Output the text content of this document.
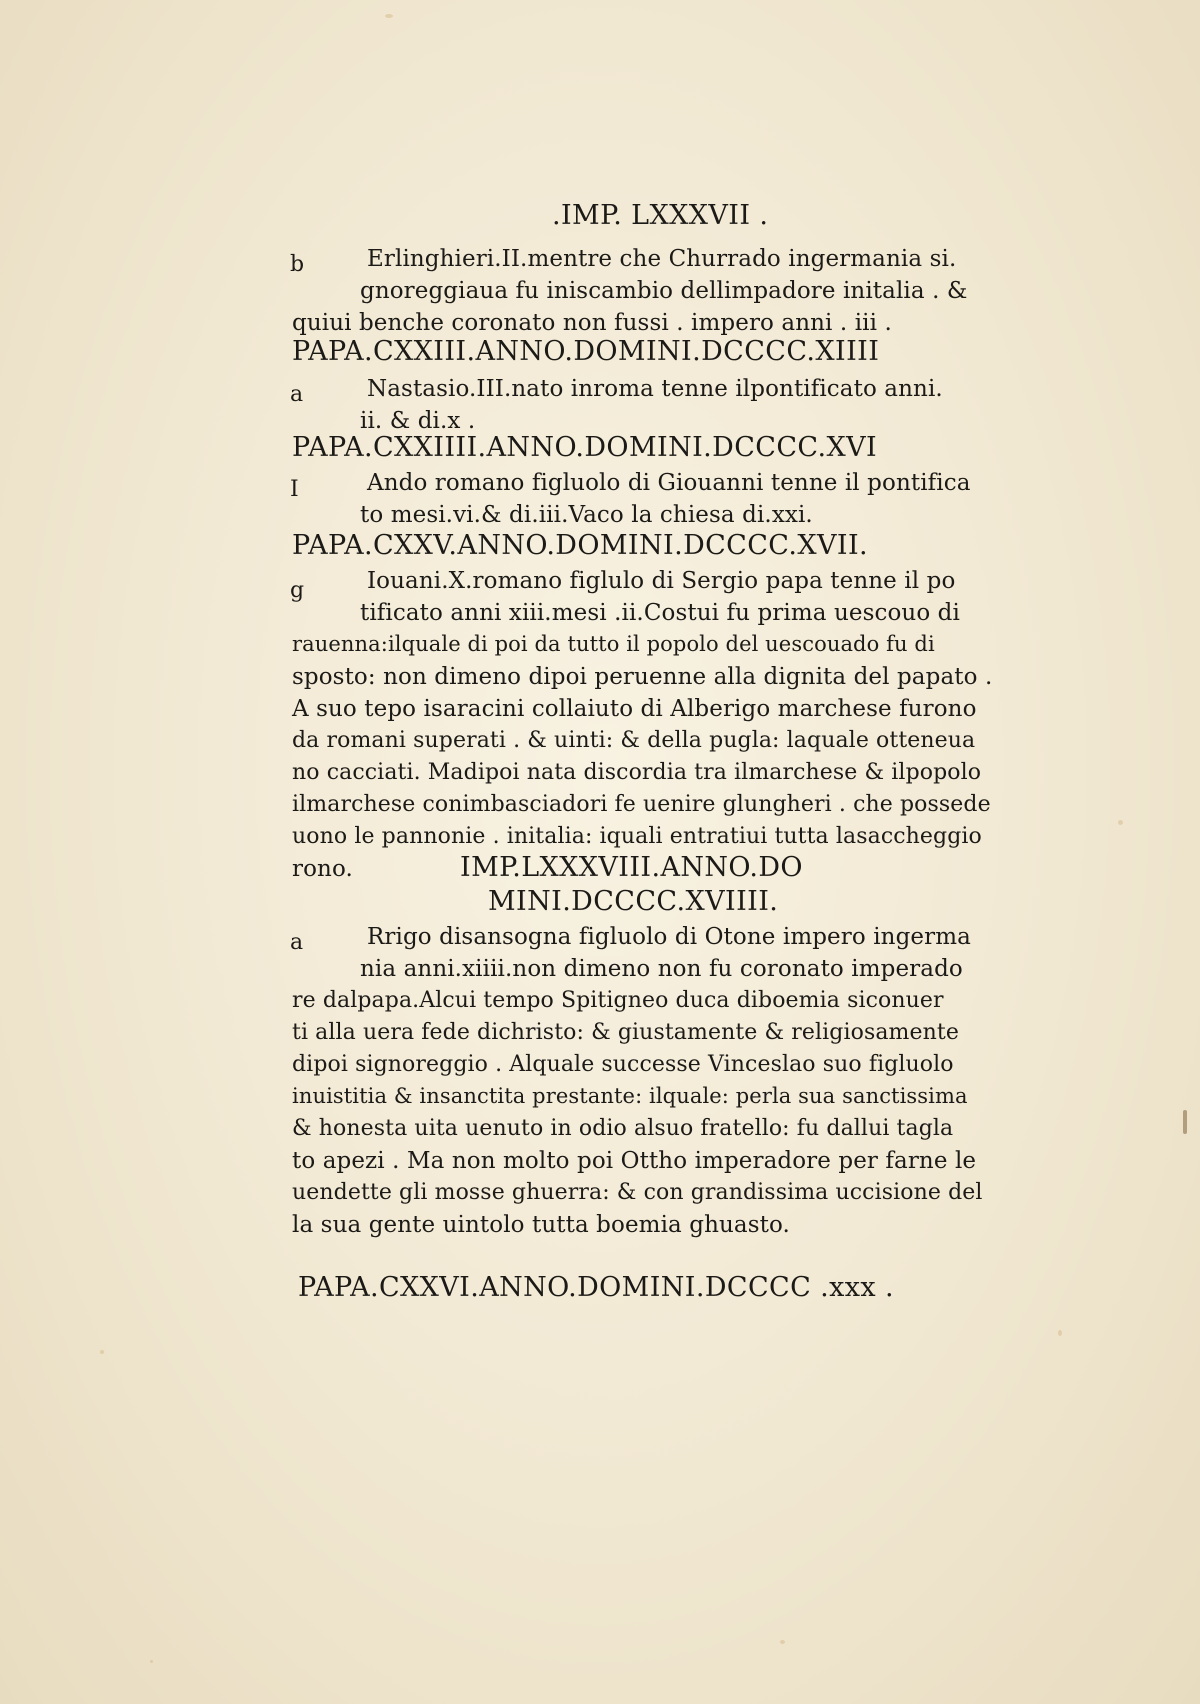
b
a
I
g
a
.IMP. LXXXVII .
Erlinghieri.II.mentre che Churrado ingermania si.
gnoreggiaua fu iniscambio dellimpadore initalia . &
quiui benche coronato non fussi . impero anni . iii .
PAPA.CXXIII.ANNO.DOMINI.DCCCC.XIIII
Nastasio.III.nato inroma tenne ilpontificato anni.
ii. & di.x .
PAPA.CXXIIII.ANNO.DOMINI.DCCCC.XVI
Ando romano figluolo di Giouanni tenne il pontifica
to mesi.vi.& di.iii.Vaco la chiesa di.xxi.
PAPA.CXXV.ANNO.DOMINI.DCCCC.XVII.
Iouani.X.romano figlulo di Sergio papa tenne il po
tificato anni xiii.mesi .ii.Costui fu prima uescouo di
rauenna:ilquale di poi da tutto il popolo del uescouado fu di
sposto: non dimeno dipoi peruenne alla dignita del papato .
A suo tepo isaracini collaiuto di Alberigo marchese furono
da romani superati . & uinti: & della pugla: laquale otteneua
no cacciati. Madipoi nata discordia tra ilmarchese & ilpopolo
ilmarchese conimbasciadori fe uenire glungheri . che possede
uono le pannonie . initalia: iquali entratiui tutta lasaccheggio
rono.	IMP.LXXXVIII.ANNO.DO
MINI.DCCCC.XVIIII.
Rrigo disansogna figluolo di Otone impero ingerma
nia anni.xiiii.non dimeno non fu coronato imperado
re dalpapa.Alcui tempo Spitigneo duca diboemia siconuer
ti alla uera fede dichristo: & giustamente & religiosamente
dipoi signoreggio . Alquale successe Vinceslao suo figluolo
inuistitia & insanctita prestante: ilquale: perla sua sanctissima
& honesta uita uenuto in odio alsuo fratello: fu dallui tagla
to apezi . Ma non molto poi Ottho imperadore per farne le
uendette gli mosse ghuerra: & con grandissima uccisione del
la sua gente uintolo tutta boemia ghuasto.
PAPA.CXXVI.ANNO.DOMINI.DCCCC .xxx .
